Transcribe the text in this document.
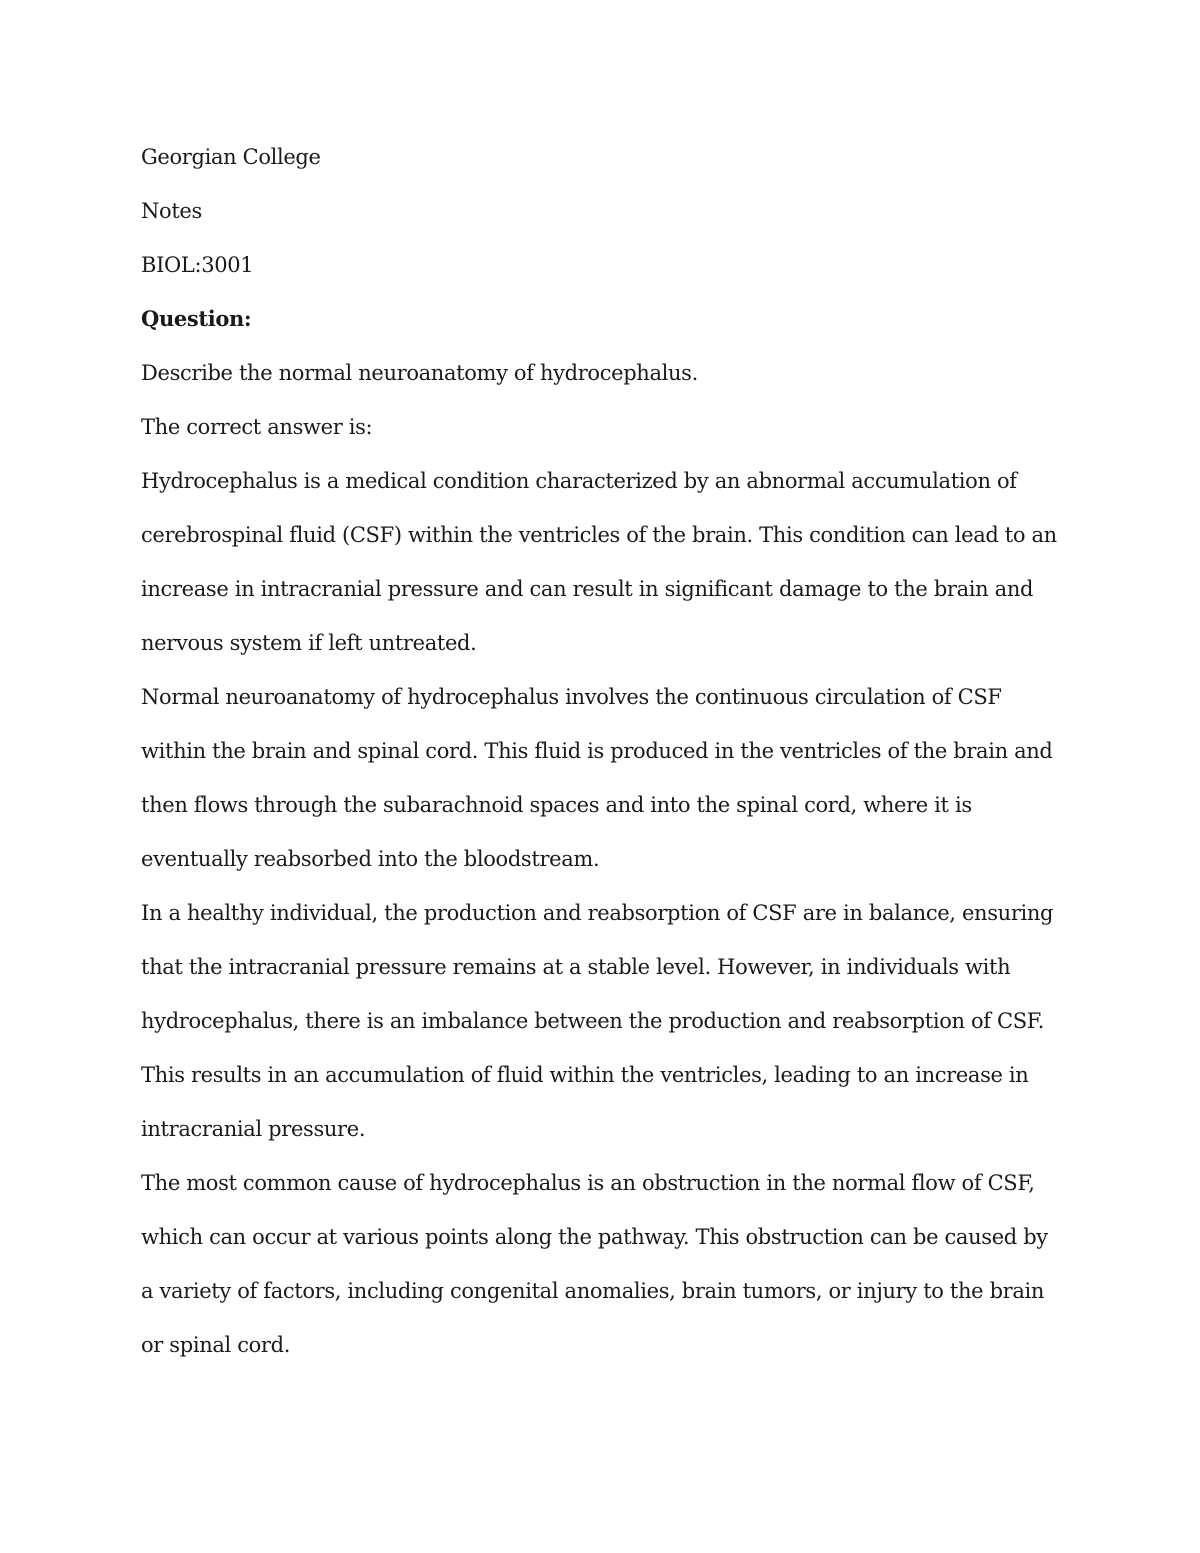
Georgian College

Notes

BIOL:3001

Question:

Describe the normal neuroanatomy of hydrocephalus.

The correct answer is:

Hydrocephalus is a medical condition characterized by an abnormal accumulation of cerebrospinal fluid (CSF) within the ventricles of the brain. This condition can lead to an increase in intracranial pressure and can result in significant damage to the brain and nervous system if left untreated.

Normal neuroanatomy of hydrocephalus involves the continuous circulation of CSF within the brain and spinal cord. This fluid is produced in the ventricles of the brain and then flows through the subarachnoid spaces and into the spinal cord, where it is eventually reabsorbed into the bloodstream.

In a healthy individual, the production and reabsorption of CSF are in balance, ensuring that the intracranial pressure remains at a stable level. However, in individuals with hydrocephalus, there is an imbalance between the production and reabsorption of CSF. This results in an accumulation of fluid within the ventricles, leading to an increase in intracranial pressure.

The most common cause of hydrocephalus is an obstruction in the normal flow of CSF, which can occur at various points along the pathway. This obstruction can be caused by a variety of factors, including congenital anomalies, brain tumors, or injury to the brain or spinal cord.
